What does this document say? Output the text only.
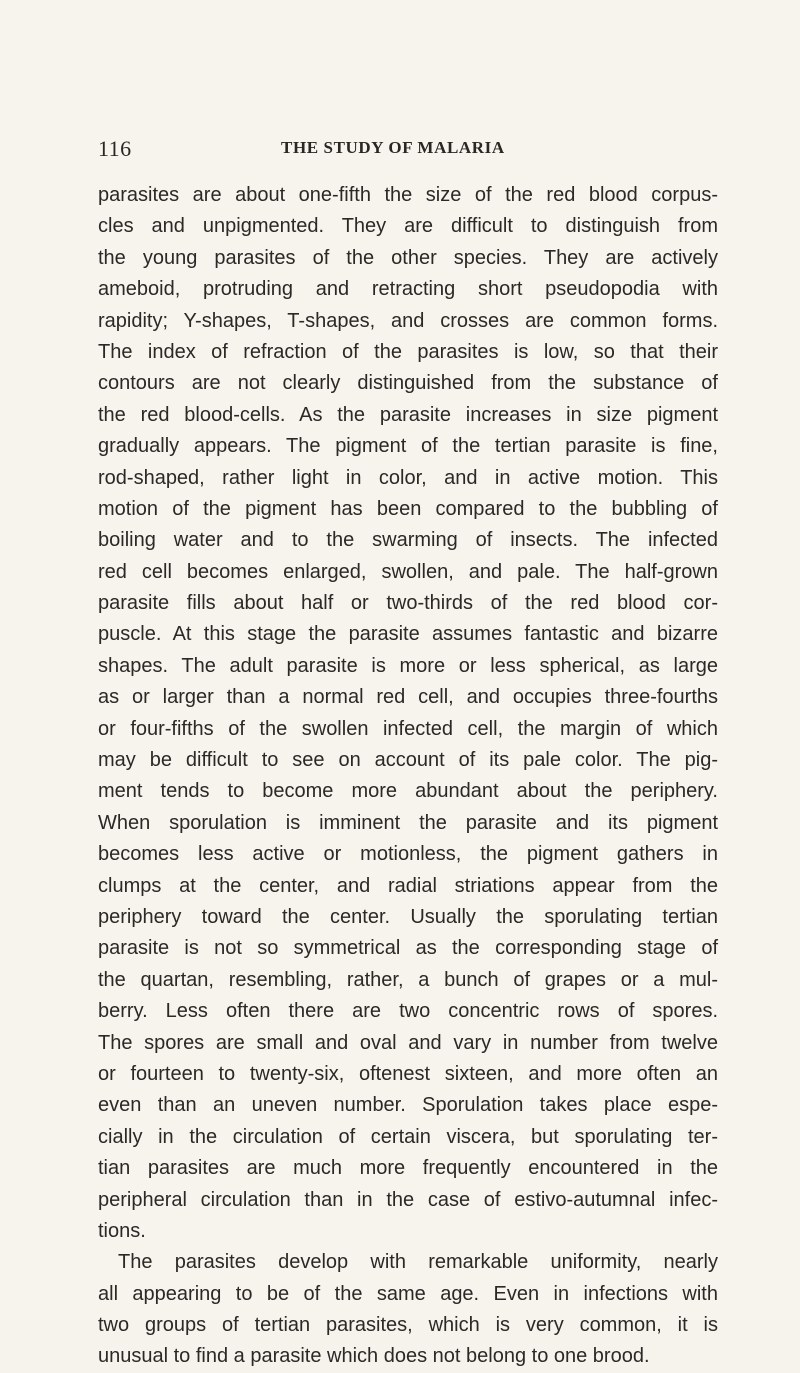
116	THE STUDY OF MALARIA
parasites are about one-fifth the size of the red blood corpus-
cles and unpigmented. They are difficult to distinguish from
the young parasites of the other species. They are actively
ameboid, protruding and retracting short pseudopodia with
rapidity; Y-shapes, T-shapes, and crosses are common forms.
The index of refraction of the parasites is low, so that their
contours are not clearly distinguished from the substance of
the red blood-cells. As the parasite increases in size pigment
gradually appears. The pigment of the tertian parasite is fine,
rod-shaped, rather light in color, and in active motion. This
motion of the pigment has been compared to the bubbling of
boiling water and to the swarming of insects. The infected
red cell becomes enlarged, swollen, and pale. The half-grown
parasite fills about half or two-thirds of the red blood cor-
puscle. At this stage the parasite assumes fantastic and bizarre
shapes. The adult parasite is more or less spherical, as large
as or larger than a normal red cell, and occupies three-fourths
or four-fifths of the swollen infected cell, the margin of which
may be difficult to see on account of its pale color. The pig-
ment tends to become more abundant about the periphery.
When sporulation is imminent the parasite and its pigment
becomes less active or motionless, the pigment gathers in
clumps at the center, and radial striations appear from the
periphery toward the center. Usually the sporulating tertian
parasite is not so symmetrical as the corresponding stage of
the quartan, resembling, rather, a bunch of grapes or a mul-
berry. Less often there are two concentric rows of spores.
The spores are small and oval and vary in number from twelve
or fourteen to twenty-six, oftenest sixteen, and more often an
even than an uneven number. Sporulation takes place espe-
cially in the circulation of certain viscera, but sporulating ter-
tian parasites are much more frequently encountered in the
peripheral circulation than in the case of estivo-autumnal infec-
tions.
The parasites develop with remarkable uniformity, nearly
all appearing to be of the same age. Even in infections with
two groups of tertian parasites, which is very common, it is
unusual to find a parasite which does not belong to one brood.
